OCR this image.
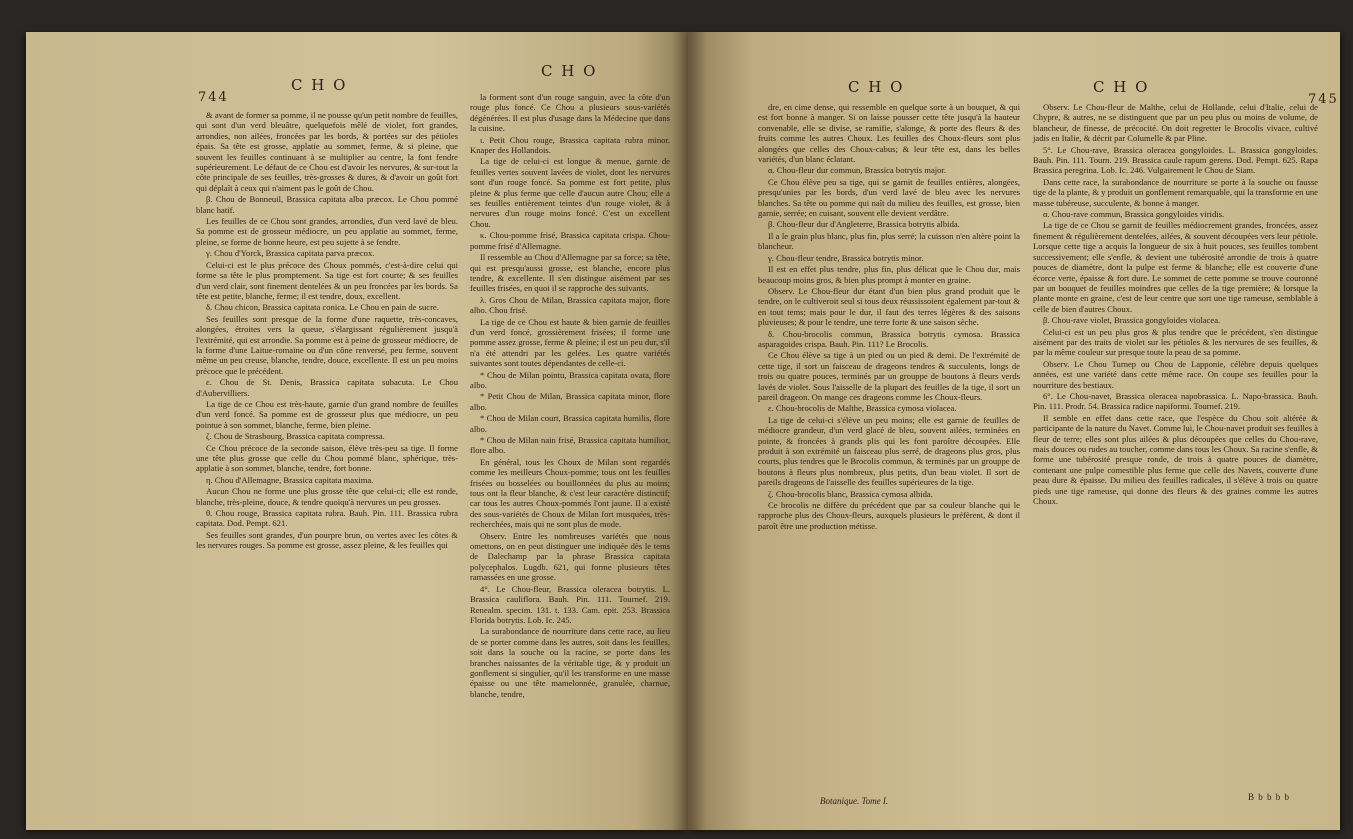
744
C H O
C H O

& avant de former sa pomme, il ne pousse qu'un petit nombre de feuilles, qui sont d'un verd bleuâtre, quelquefois mêlé de violet, fort grandes, arrondies, non ailées, froncées par les bords, & portées sur des pétioles épais. Sa tête est grosse, applatie au sommet, ferme, & si pleine, que souvent les feuilles continuant à se multiplier au centre, la font fendre supérieurement. Le défaut de ce Chou est d'avoir les nervures, & sur-tout la côte principale de ses feuilles, très-grosses & dures, & d'avoir un goût fort qui déplaît à ceux qui n'aiment pas le goût de Chou.

β. Chou de Bonneuil, Brassica capitata alba præcox. Le Chou pommé blanc hatif.

Les feuilles de ce Chou sont grandes, arrondies, d'un verd lavé de bleu. Sa pomme est de grosseur médiocre, un peu applatie au sommet, ferme, pleine, se forme de bonne heure, est peu sujette à se fendre.

γ. Chou d'Yorck, Brassica capitata parva præcox.

Celui-ci est le plus précoce des Choux pommés, c'est-à-dire celui qui forme sa tête le plus promptement. Sa tige est fort courte; & ses feuilles d'un verd clair, sont finement dentelées & un peu froncées par les bords. Sa tête est petite, blanche, ferme; il est tendre, doux, excellent.

δ. Chou chicon, Brassica capitata conica. Le Chou en pain de sucre.

Ses feuilles sont presque de la forme d'une raquette, très-concaves, alongées, étroites vers la queue, s'élargissant régulièrement jusqu'à l'extrémité, qui est arrondie. Sa pomme est à peine de grosseur médiocre, de la forme d'une Laitue-romaine ou d'un cône renversé, peu ferme, souvent même un peu creuse, blanche, tendre, douce, excellente. Il est un peu moins précoce que le précédent.

ε. Chou de St. Denis, Brassica capitata subacuta. Le Chou d'Aubervilliers.

La tige de ce Chou est très-haute, garnie d'un grand nombre de feuilles d'un verd foncé. Sa pomme est de grosseur plus que médiocre, un peu pointue à son sommet, blanche, ferme, bien pleine.

ζ. Chou de Strasbourg, Brassica capitata compressa.

Ce Chou précoce de la seconde saison, élève très-peu sa tige. Il forme une tête plus grosse que celle du Chou pommé blanc, sphérique, très-applatie à son sommet, blanche, tendre, fort bonne.

η. Chou d'Allemagne, Brassica capitata maxima.

Aucun Chou ne forme une plus grosse tête que celui-ci; elle est ronde, blanche, très-pleine, douce, & tendre quoiqu'à nervures un peu grosses.

θ. Chou rouge, Brassica capitata rubra. Bauh. Pin. 111. Brassica rubra capitata. Dod. Pempt. 621.

Ses feuilles sont grandes, d'un pourpre brun, ou vertes avec les côtes & les nervures rouges. Sa pomme est grosse, assez pleine, & les feuilles qui

la forment sont d'un rouge sanguin, avec la côte d'un rouge plus foncé. Ce Chou a plusieurs sous-variétés dégénérées. Il est plus d'usage dans la Médecine que dans la cuisine.

ι. Petit Chou rouge, Brassica capitata rubra minor. Knaper des Hollandois.

La tige de celui-ci est longue & menue, garnie de feuilles vertes souvent lavées de violet, dont les nervures sont d'un rouge foncé. Sa pomme est fort petite, plus pleine & plus ferme que celle d'aucun autre Chou; elle a ses feuilles entièrement teintes d'un rouge violet, & à nervures d'un rouge moins foncé. C'est un excellent Chou.

κ. Chou-pomme frisé, Brassica capitata crispa. Chou-pomme frisé d'Allemagne.

Il ressemble au Chou d'Allemagne par sa force; sa tête, qui est presqu'aussi grosse, est blanche, encore plus tendre, & excellente. Il s'en distingue aisément par ses feuilles frisées, en quoi il se rapproche des suivants.

λ. Gros Chou de Milan, Brassica capitata major, flore albo. Chou frisé.

La tige de ce Chou est haute & bien garnie de feuilles d'un verd foncé, grossièrement frisées; il forme une pomme assez grosse, ferme & pleine; il est un peu dur, s'il n'a été attendri par les gelées. Les quatre variétés suivantes sont toutes dépendantes de celle-ci.

* Chou de Milan pointu, Brassica capitata ovata, flore albo.

* Petit Chou de Milan, Brassica capitata minor, flore albo.

* Chou de Milan court, Brassica capitata humilis, flore albo.

* Chou de Milan nain frisé, Brassica capitata humilior, flore albo.

En général, tous les Choux de Milan sont regardés comme les meilleurs Choux-pomme; tous ont les feuilles frisées ou bosselées ou bouillonnées du plus au moins; tous ont la fleur blanche, & c'est leur caractère distinctif; car tous les autres Choux-pommés l'ont jaune. Il a existé des sous-variétés de Choux de Milan fort musquées, très-recherchées, mais qui ne sont plus de mode.

Observ. Entre les nombreuses variétés que nous omettons, on en peut distinguer une indiquée dès le tems de Dalechamp par la phrase Brassica capitata polycephalos. Lugdb. 621, qui forme plusieurs têtes ramassées en une grosse.

4°. Le Chou-fleur, Brassica oleracea botrytis. L. Brassica cauliflora. Bauh. Pin. 111. Tournef. 219. Renealm. specim. 131. t. 133. Cam. epit. 253. Brassica Florida botrytis. Lob. Ic. 245.

La surabondance de nourriture dans cette race, au lieu de se porter comme dans les autres, soit dans les feuilles, soit dans la souche ou la racine, se porte dans les branches naissantes de la véritable tige, & y produit un gonflement si singulier, qu'il les transforme en une masse épaisse ou une tête mamelonnée, granulée, charnue, blanche, tendre,

C H O	C H O
745

dre, en cime dense, qui ressemble en quelque sorte à un bouquet, & qui est fort bonne à manger. Si on laisse pousser cette tête jusqu'à la hauteur convenable, elle se divise, se ramifie, s'alonge, & porte des fleurs & des fruits comme les autres Choux. Les feuilles des Choux-fleurs sont plus alongées que celles des Choux-cabus; & leur tête est, dans les belles variétés, d'un blanc éclatant.

α. Chou-fleur dur commun, Brassica botrytis major.

Ce Chou élève peu sa tige, qui se garnit de feuilles entières, alongées, presqu'unies par les bords, d'un verd lavé de bleu avec les nervures blanches. Sa tête ou pomme qui naît du milieu des feuilles, est grosse, bien garnie, serrée; en cuisant, souvent elle devient verdâtre.

β. Chou-fleur dur d'Angleterre, Brassica botrytis albida.

Il a le grain plus blanc, plus fin, plus serré; la cuisson n'en altère point la blancheur.

γ. Chou-fleur tendre, Brassica botrytis minor.

Il est en effet plus tendre, plus fin, plus délicat que le Chou dur, mais beaucoup moins gros, & bien plus prompt à monter en graine.

Observ. Le Chou-fleur dur étant d'un bien plus grand produit que le tendre, on le cultiveroit seul si tous deux réussissoient également par-tout & en tout tems; mais pour le dur, il faut des terres légères & des saisons pluvieuses; & pour le tendre, une terre forte & une saison sèche.

δ. Chou-brocolis commun, Brassica botrytis cymosa. Brassica asparagoides crispa. Bauh. Pin. 111? Le Brocolis.

Ce Chou élève sa tige à un pied ou un pied & demi. De l'extrémité de cette tige, il sort un faisceau de drageons tendres & succulents, longs de trois ou quatre pouces, terminés par un grouppe de boutons à fleurs verds lavés de violet. Sous l'aisselle de la plupart des feuilles de la tige, il sort un pareil drageon. On mange ces drageons comme les Choux-fleurs.

ε. Chou-brocolis de Malthe, Brassica cymosa violacea.

La tige de celui-ci s'élève un peu moins; elle est garnie de feuilles de médiocre grandeur, d'un verd glacé de bleu, souvent ailées, terminées en pointe, & froncées à grands plis qui les font paroître découpées. Elle produit à son extrémité un faisceau plus serré, de drageons plus gros, plus courts, plus tendres que le Brocolis commun, & terminés par un grouppe de boutons à fleurs plus nombreux, plus petits, d'un beau violet. Il sort de pareils drageons de l'aisselle des feuilles supérieures de la tige.

ζ. Chou-brocolis blanc, Brassica cymosa albida.

Ce brocolis ne diffère du précédent que par sa couleur blanche qui le rapproche plus des Choux-fleurs, auxquels plusieurs le préfèrent, & dont il paroît être une production métisse.

Observ. Le Chou-fleur de Malthe, celui de Hollande, celui d'Italie, celui de Chypre, & autres, ne se distinguent que par un peu plus ou moins de volume, de blancheur, de finesse, de précocité. On doit regretter le Brocolis vivace, cultivé jadis en Italie, & décrit par Columelle & par Pline.

5°. Le Chou-rave, Brassica oleracea gongyloides. L. Brassica gongyloides. Bauh. Pin. 111. Tourn. 219. Brassica caule rapum gerens. Dod. Pempt. 625. Rapa Brassica peregrina. Lob. Ic. 246. Vulgairement le Chou de Siam.

Dans cette race, la surabondance de nourriture se porte à la souche ou fausse tige de la plante, & y produit un gonflement remarquable, qui la transforme en une masse tubéreuse, succulente, & bonne à manger.

α. Chou-rave commun, Brassica gongyloides viridis.

La tige de ce Chou se garnit de feuilles médiocrement grandes, froncées, assez finement & régulièrement dentelées, ailées, & souvent découpées vers leur pétiole. Lorsque cette tige a acquis la longueur de six à huit pouces, ses feuilles tombent successivement; elle s'enfle, & devient une tubérosité arrondie de trois à quatre pouces de diamètre, dont la pulpe est ferme & blanche; elle est couverte d'une écorce verte, épaisse & fort dure. Le sommet de cette pomme se trouve couronné par un bouquet de feuilles moindres que celles de la tige première; & lorsque la plante monte en graine, c'est de leur centre que sort une tige rameuse, semblable à celle de bien d'autres Choux.

β. Chou-rave violet, Brassica gongyloides violacea.

Celui-ci est un peu plus gros & plus tendre que le précédent, s'en distingue aisément par des traits de violet sur les pétioles & les nervures de ses feuilles, & par la même couleur sur presque toute la peau de sa pomme.

Observ. Le Chou Turnep ou Chou de Lapponie, célèbre depuis quelques années, est une variété dans cette même race. On coupe ses feuilles pour la nourriture des bestiaux.

6°. Le Chou-navet, Brassica oleracea napobrassica. L. Napo-brassica. Bauh. Pin. 111. Prodr. 54. Brassica radice napiformi. Tournef. 219.

Il semble en effet dans cette race, que l'espèce du Chou soit altérée & participante de la nature du Navet. Comme lui, le Chou-navet produit ses feuilles à fleur de terre; elles sont plus ailées & plus découpées que celles du Chou-rave, mais douces ou rudes au toucher, comme dans tous les Choux. Sa racine s'enfle, & forme une tubérosité presque ronde, de trois à quatre pouces de diamètre, contenant une pulpe comestible plus ferme que celle des Navets, couverte d'une peau dure & épaisse. Du milieu des feuilles radicales, il s'élève à trois ou quatre pieds une tige rameuse, qui donne des fleurs & des graines comme les autres Choux.

Botanique. Tome I.	B b b b b
